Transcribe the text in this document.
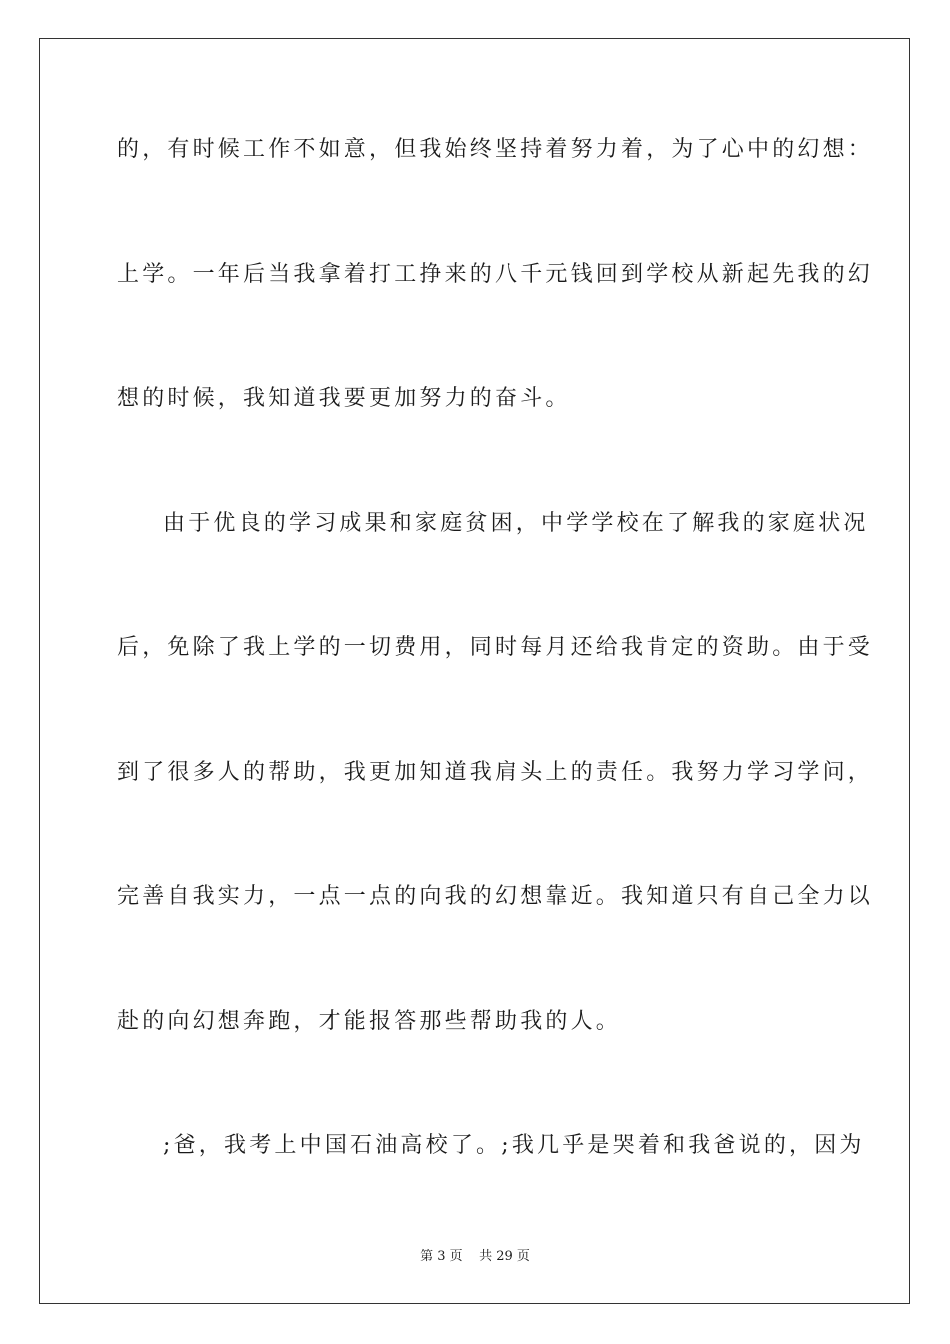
的，有时候工作不如意，但我始终坚持着努力着，为了心中的幻想：
上学。一年后当我拿着打工挣来的八千元钱回到学校从新起先我的幻
想的时候，我知道我要更加努力的奋斗。
由于优良的学习成果和家庭贫困，中学学校在了解我的家庭状况
后，免除了我上学的一切费用，同时每月还给我肯定的资助。由于受
到了很多人的帮助，我更加知道我肩头上的责任。我努力学习学问，
完善自我实力，一点一点的向我的幻想靠近。我知道只有自己全力以
赴的向幻想奔跑，才能报答那些帮助我的人。
;爸，我考上中国石油高校了。;我几乎是哭着和我爸说的，因为
第 3 页    共 29 页
